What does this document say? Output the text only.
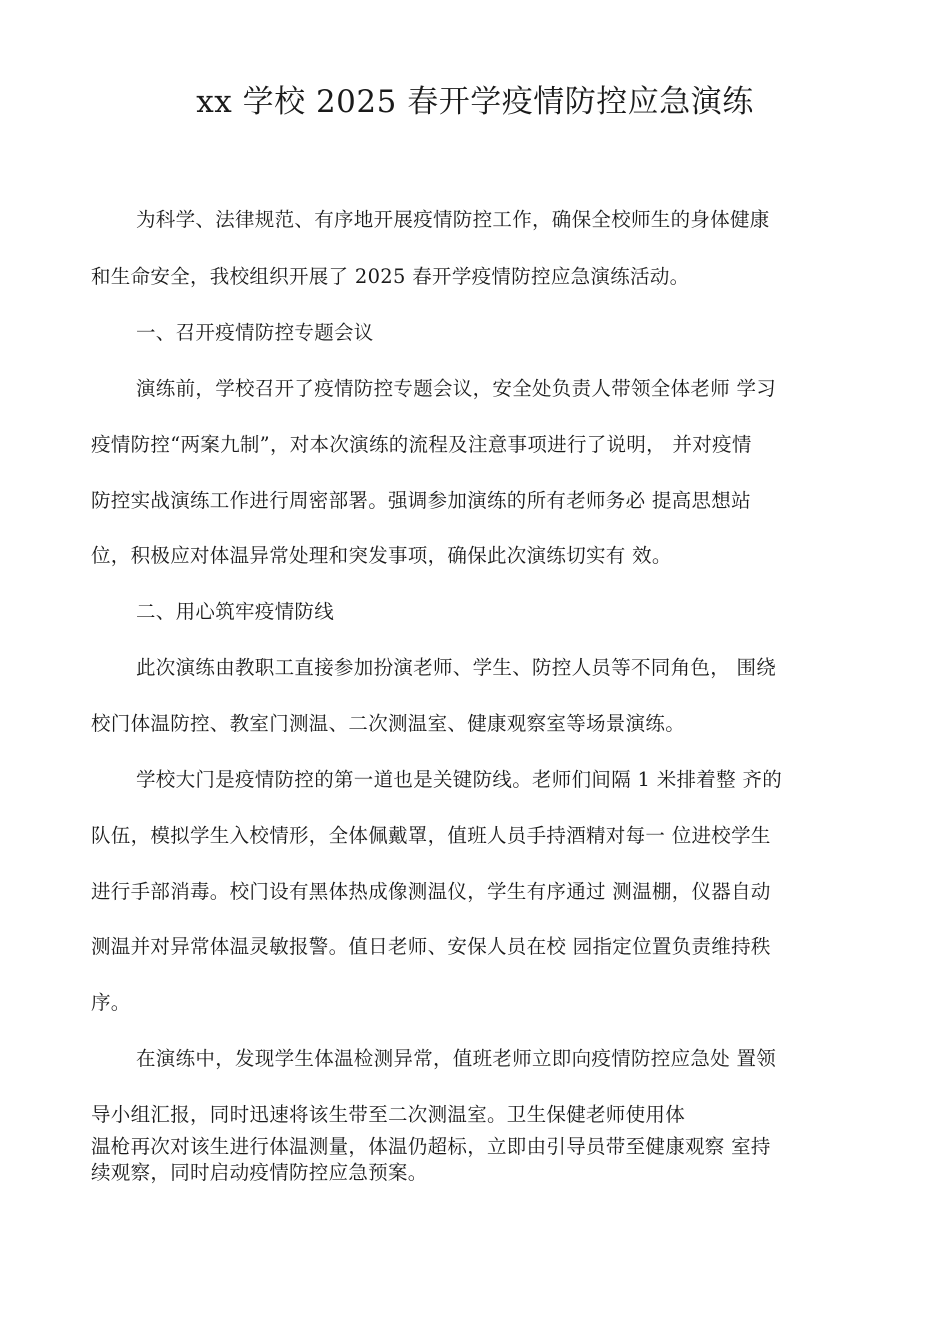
xx 学校 2025 春开学疫情防控应急演练
为科学、法律规范、有序地开展疫情防控工作，确保全校师生的身体健康
和生命安全，我校组织开展了 2025 春开学疫情防控应急演练活动。
一、召开疫情防控专题会议
演练前，学校召开了疫情防控专题会议，安全处负责人带领全体老师 学习
疫情防控“两案九制”，对本次演练的流程及注意事项进行了说明， 并对疫情
防控实战演练工作进行周密部署。强调参加演练的所有老师务必 提高思想站
位，积极应对体温异常处理和突发事项，确保此次演练切实有 效。
二、用心筑牢疫情防线
此次演练由教职工直接参加扮演老师、学生、防控人员等不同角色， 围绕
校门体温防控、教室门测温、二次测温室、健康观察室等场景演练。
学校大门是疫情防控的第一道也是关键防线。老师们间隔 1 米排着整 齐的
队伍，模拟学生入校情形，全体佩戴罩，值班人员手持酒精对每一 位进校学生
进行手部消毒。校门设有黑体热成像测温仪，学生有序通过 测温棚，仪器自动
测温并对异常体温灵敏报警。值日老师、安保人员在校 园指定位置负责维持秩
序。
在演练中，发现学生体温检测异常，值班老师立即向疫情防控应急处 置领
导小组汇报，同时迅速将该生带至二次测温室。卫生保健老师使用体
温枪再次对该生进行体温测量，体温仍超标，立即由引导员带至健康观察 室持
续观察，同时启动疫情防控应急预案。
